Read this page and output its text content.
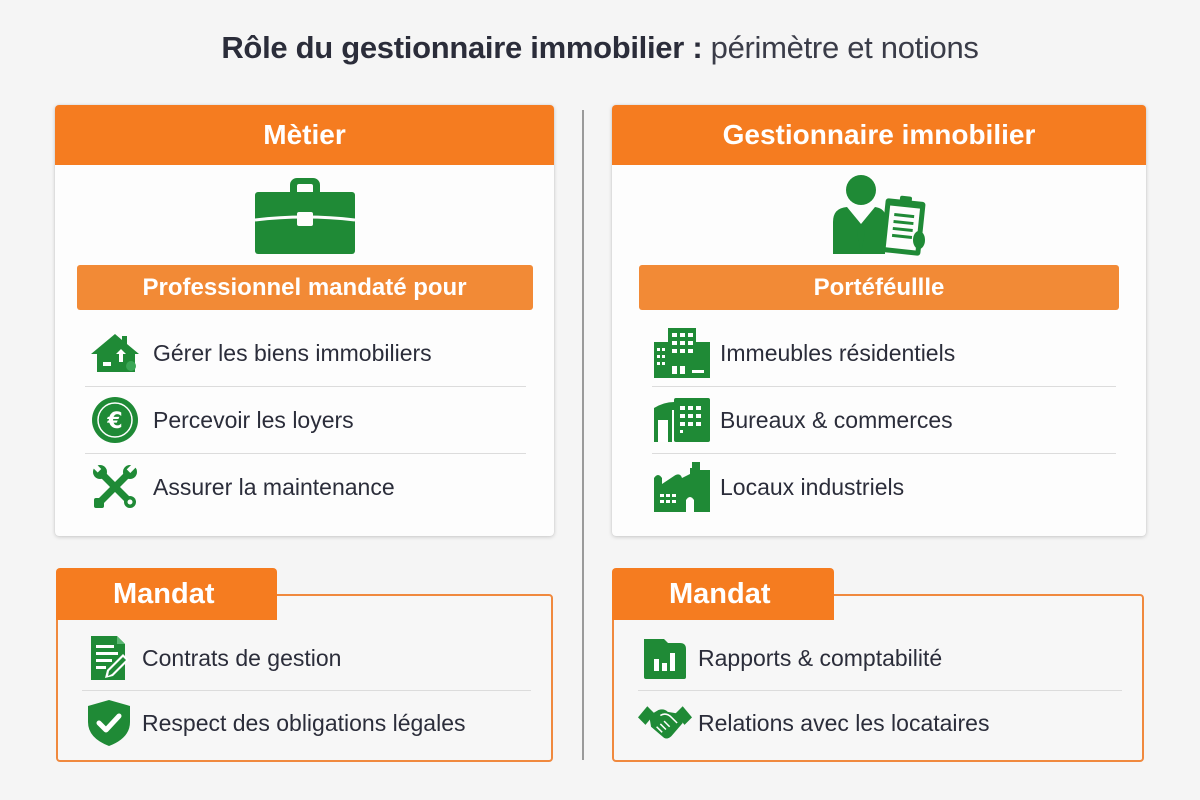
Rôle du gestionnaire immobilier : périmètre et notions
Mètier
Professionnel mandaté pour
Gérer les biens immobiliers
€ Percevoir les loyers
Assurer la maintenance
Gestionnaire imnobilier
Portéféullle
Immeubles résidentiels
Bureaux & commerces
Locaux industriels
Mandat
Contrats de gestion
Respect des obligations légales
Mandat
Rapports & comptabilité
Relations avec les locataires
